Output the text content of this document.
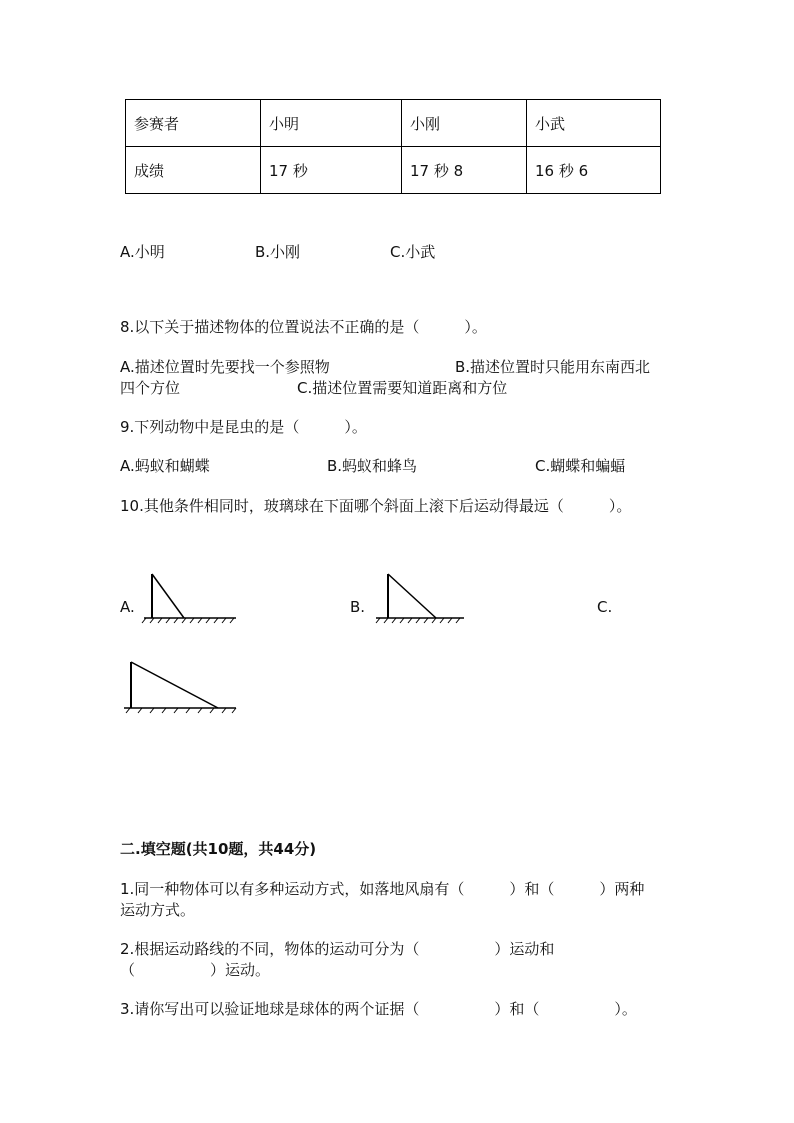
参赛者	小明	小刚	小武
成绩	17 秒	17 秒 8	16 秒 6
A.小明	B.小刚	C.小武
8.以下关于描述物体的位置说法不正确的是（　　　）。
A.描述位置时先要找一个参照物	B.描述位置时只能用东南西北
四个方位	C.描述位置需要知道距离和方位
9.下列动物中是昆虫的是（　　　）。
A.蚂蚁和蝴蝶	B.蚂蚁和蜂鸟	C.蝴蝶和蝙蝠
10.其他条件相同时，玻璃球在下面哪个斜面上滚下后运动得最远（　　　）。
A.	B.	C.
二.填空题(共10题，共44分)
1.同一种物体可以有多种运动方式，如落地风扇有（　　　）和（　　　）两种
运动方式。
2.根据运动路线的不同，物体的运动可分为（　　　　　）运动和
（　　　　　）运动。
3.请你写出可以验证地球是球体的两个证据（　　　　　）和（　　　　　）。
